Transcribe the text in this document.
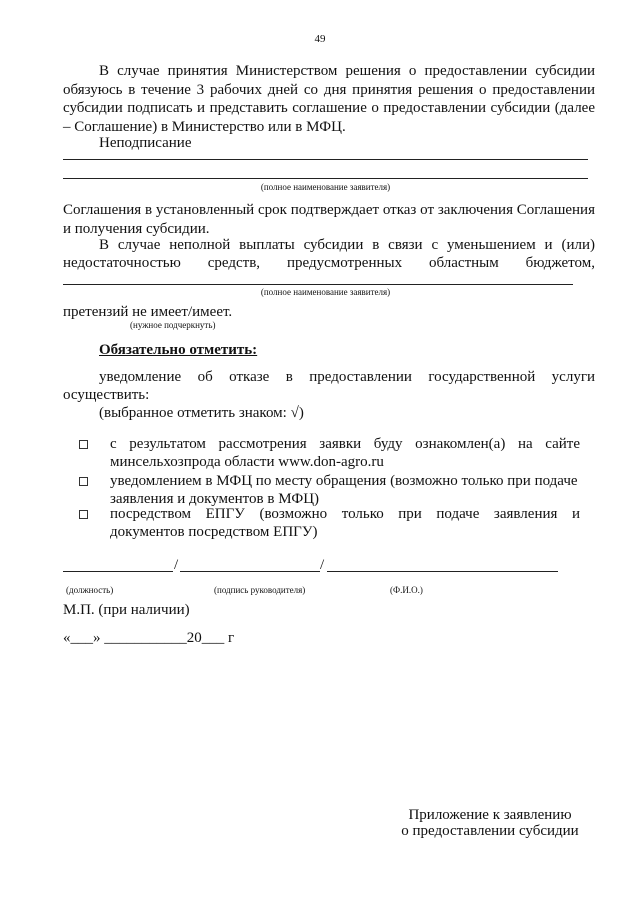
49
В случае принятия Министерством решения о предоставлении субсидии обязуюсь в течение 3 рабочих дней со дня принятия решения о предоставлении субсидии подписать и представить соглашение о предоставлении субсидии (далее – Соглашение) в Министерство или в МФЦ.
Неподписание
(полное наименование заявителя)
Соглашения в установленный срок подтверждает отказ от заключения Соглашения и получения субсидии.
В случае неполной выплаты субсидии в связи с уменьшением и (или)
недостаточностью средств, предусмотренных областным бюджетом,
(полное наименование заявителя)
претензий не имеет/имеет.
(нужное подчеркнуть)
Обязательно отметить:
уведомление об отказе в предоставлении государственной услуги
осуществить:
(выбранное отметить знаком: √)
с результатом рассмотрения заявки буду ознакомлен(а) на сайте
минсельхозпрода области www.don-agro.ru
уведомлением в МФЦ по месту обращения (возможно только при подаче
заявления и документов в МФЦ)
посредством ЕПГУ (возможно только при подаче заявления и
документов посредством ЕПГУ)
/	/
(должность)	(подпись руководителя)	(Ф.И.О.)
М.П. (при наличии)
«___» ___________20___ г
Приложение к заявлению
о предоставлении субсидии
